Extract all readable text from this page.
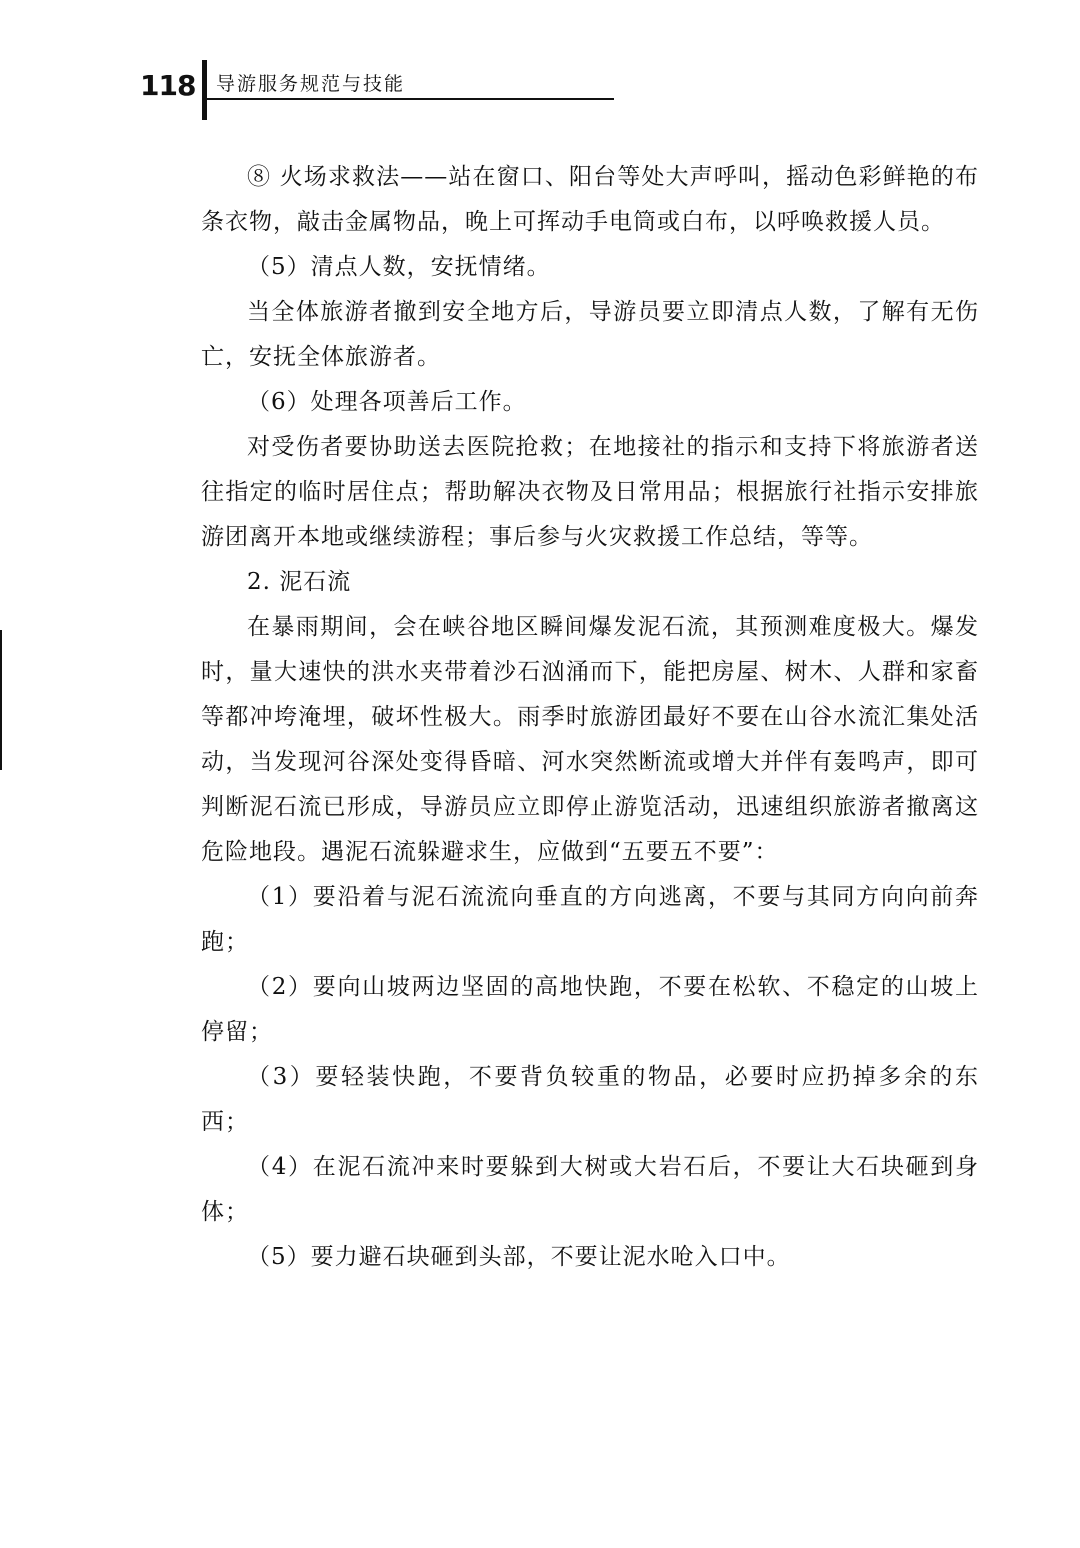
118 导游服务规范与技能

⑧ 火场求救法——站在窗口、阳台等处大声呼叫，摇动色彩鲜艳的布条衣物，敲击金属物品，晚上可挥动手电筒或白布，以呼唤救援人员。

（5）清点人数，安抚情绪。

当全体旅游者撤到安全地方后，导游员要立即清点人数，了解有无伤亡，安抚全体旅游者。

（6）处理各项善后工作。

对受伤者要协助送去医院抢救；在地接社的指示和支持下将旅游者送往指定的临时居住点；帮助解决衣物及日常用品；根据旅行社指示安排旅游团离开本地或继续游程；事后参与火灾救援工作总结，等等。

2. 泥石流

在暴雨期间，会在峡谷地区瞬间爆发泥石流，其预测难度极大。爆发时，量大速快的洪水夹带着沙石汹涌而下，能把房屋、树木、人群和家畜等都冲垮淹埋，破坏性极大。雨季时旅游团最好不要在山谷水流汇集处活动，当发现河谷深处变得昏暗、河水突然断流或增大并伴有轰鸣声，即可判断泥石流已形成，导游员应立即停止游览活动，迅速组织旅游者撤离这危险地段。遇泥石流躲避求生，应做到“五要五不要”：

（1）要沿着与泥石流流向垂直的方向逃离，不要与其同方向向前奔跑；

（2）要向山坡两边坚固的高地快跑，不要在松软、不稳定的山坡上停留；

（3）要轻装快跑，不要背负较重的物品，必要时应扔掉多余的东西；

（4）在泥石流冲来时要躲到大树或大岩石后，不要让大石块砸到身体；

（5）要力避石块砸到头部，不要让泥水呛入口中。
